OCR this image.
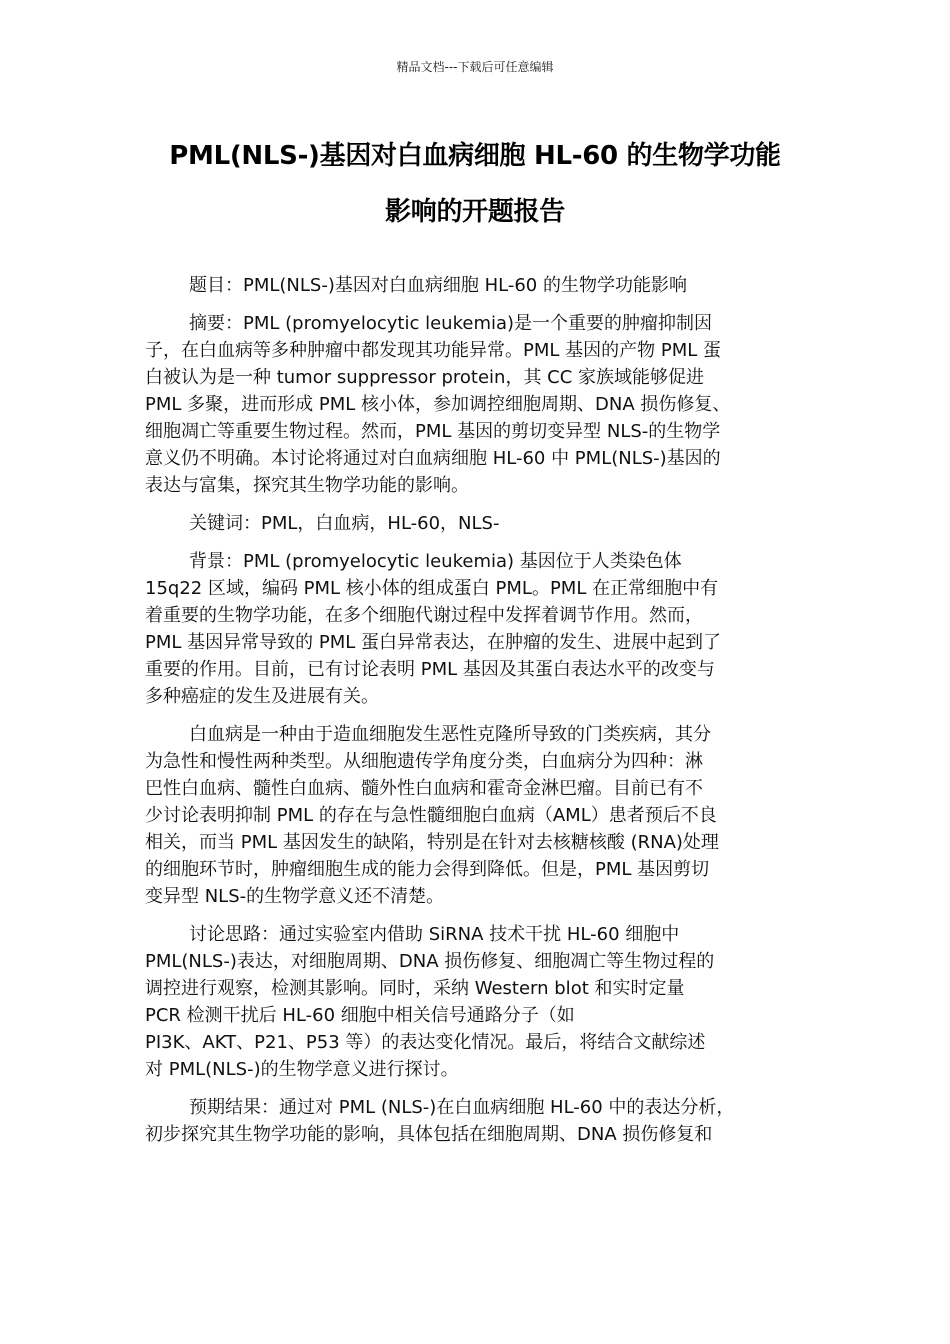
精品文档---下载后可任意编辑
PML(NLS-)基因对白血病细胞 HL-60 的生物学功能
影响的开题报告

题目：PML(NLS-)基因对白血病细胞 HL-60 的生物学功能影响

摘要：PML (promyelocytic leukemia)是一个重要的肿瘤抑制因
子，在白血病等多种肿瘤中都发现其功能异常。PML 基因的产物 PML 蛋
白被认为是一种 tumor suppressor protein，其 CC 家族域能够促进
PML 多聚，进而形成 PML 核小体，参加调控细胞周期、DNA 损伤修复、
细胞凋亡等重要生物过程。然而，PML 基因的剪切变异型 NLS-的生物学
意义仍不明确。本讨论将通过对白血病细胞 HL-60 中 PML(NLS-)基因的
表达与富集，探究其生物学功能的影响。

关键词：PML，白血病，HL-60，NLS-

背景：PML (promyelocytic leukemia) 基因位于人类染色体
15q22 区域，编码 PML 核小体的组成蛋白 PML。PML 在正常细胞中有
着重要的生物学功能，在多个细胞代谢过程中发挥着调节作用。然而，
PML 基因异常导致的 PML 蛋白异常表达，在肿瘤的发生、进展中起到了
重要的作用。目前，已有讨论表明 PML 基因及其蛋白表达水平的改变与
多种癌症的发生及进展有关。

白血病是一种由于造血细胞发生恶性克隆所导致的门类疾病，其分
为急性和慢性两种类型。从细胞遗传学角度分类，白血病分为四种：淋
巴性白血病、髓性白血病、髓外性白血病和霍奇金淋巴瘤。目前已有不
少讨论表明抑制 PML 的存在与急性髓细胞白血病（AML）患者预后不良
相关，而当 PML 基因发生的缺陷，特别是在针对去核糖核酸 (RNA)处理
的细胞环节时，肿瘤细胞生成的能力会得到降低。但是，PML 基因剪切
变异型 NLS-的生物学意义还不清楚。

讨论思路：通过实验室内借助 SiRNA 技术干扰 HL-60 细胞中
PML(NLS-)表达，对细胞周期、DNA 损伤修复、细胞凋亡等生物过程的
调控进行观察，检测其影响。同时，采纳 Western blot 和实时定量
PCR 检测干扰后 HL-60 细胞中相关信号通路分子（如
PI3K、AKT、P21、P53 等）的表达变化情况。最后，将结合文献综述
对 PML(NLS-)的生物学意义进行探讨。

预期结果：通过对 PML (NLS-)在白血病细胞 HL-60 中的表达分析，
初步探究其生物学功能的影响，具体包括在细胞周期、DNA 损伤修复和
